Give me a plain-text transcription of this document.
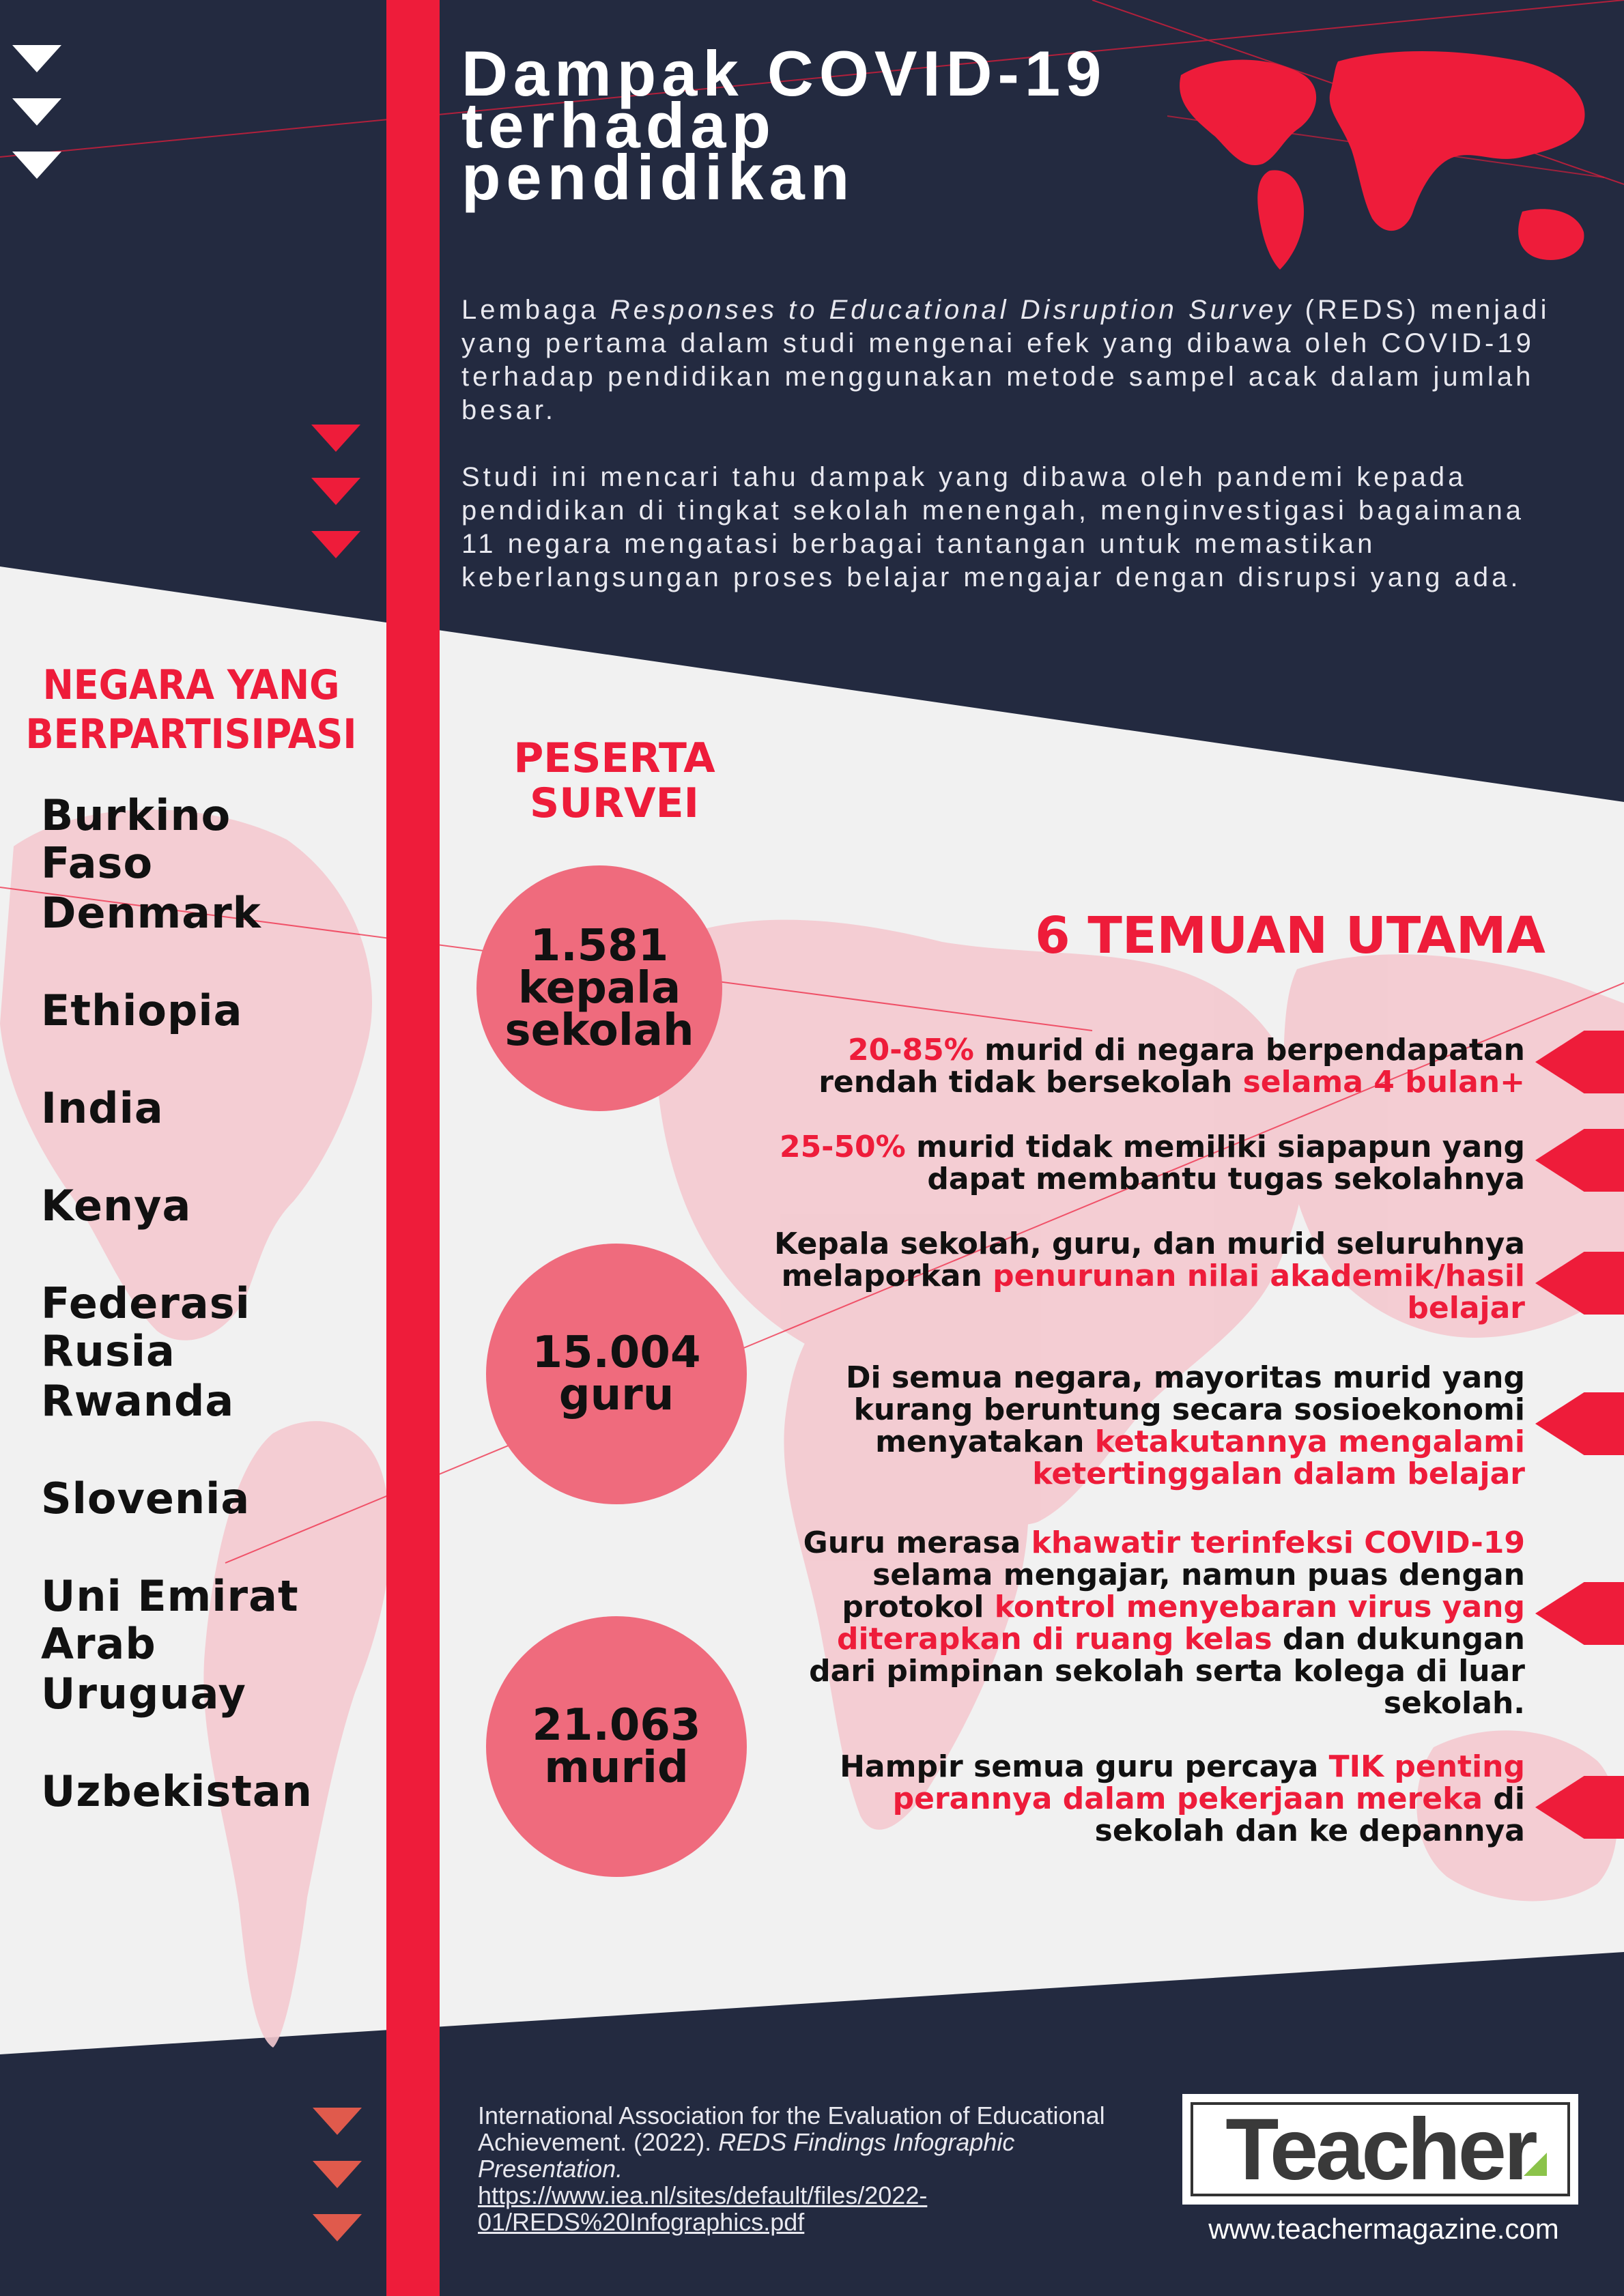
Dampak COVID-19
terhadap
pendidikan

Lembaga Responses to Educational Disruption Survey (REDS) menjadi yang pertama dalam studi mengenai efek yang dibawa oleh COVID-19 terhadap pendidikan menggunakan metode sampel acak dalam jumlah besar.

Studi ini mencari tahu dampak yang dibawa oleh pandemi kepada pendidikan di tingkat sekolah menengah, menginvestigasi bagaimana 11 negara mengatasi berbagai tantangan untuk memastikan keberlangsungan proses belajar mengajar dengan disrupsi yang ada.

NEGARA YANG
BERPARTISIPASI
Burkino
Faso
Denmark
Ethiopia
India
Kenya
Federasi
Rusia
Rwanda
Slovenia
Uni Emirat
Arab
Uruguay
Uzbekistan
PESERTA
SURVEI
1.581
kepala
sekolah
15.004
guru
21.063
murid
6 TEMUAN UTAMA
20-85% murid di negara berpendapatan rendah tidak bersekolah selama 4 bulan+
25-50% murid tidak memiliki siapapun yang dapat membantu tugas sekolahnya
Kepala sekolah, guru, dan murid seluruhnya melaporkan penurunan nilai akademik/hasil belajar
Di semua negara, mayoritas murid yang kurang beruntung secara sosioekonomi menyatakan ketakutannya mengalami ketertinggalan dalam belajar
Guru merasa khawatir terinfeksi COVID-19 selama mengajar, namun puas dengan protokol kontrol menyebaran virus yang diterapkan di ruang kelas dan dukungan dari pimpinan sekolah serta kolega di luar sekolah.
Hampir semua guru percaya TIK penting perannya dalam pekerjaan mereka di sekolah dan ke depannya
International Association for the Evaluation of Educational Achievement. (2022). REDS Findings Infographic Presentation.
https://www.iea.nl/sites/default/files/2022-01/REDS%20Infographics.pdf
Teacher
www.teachermagazine.com
